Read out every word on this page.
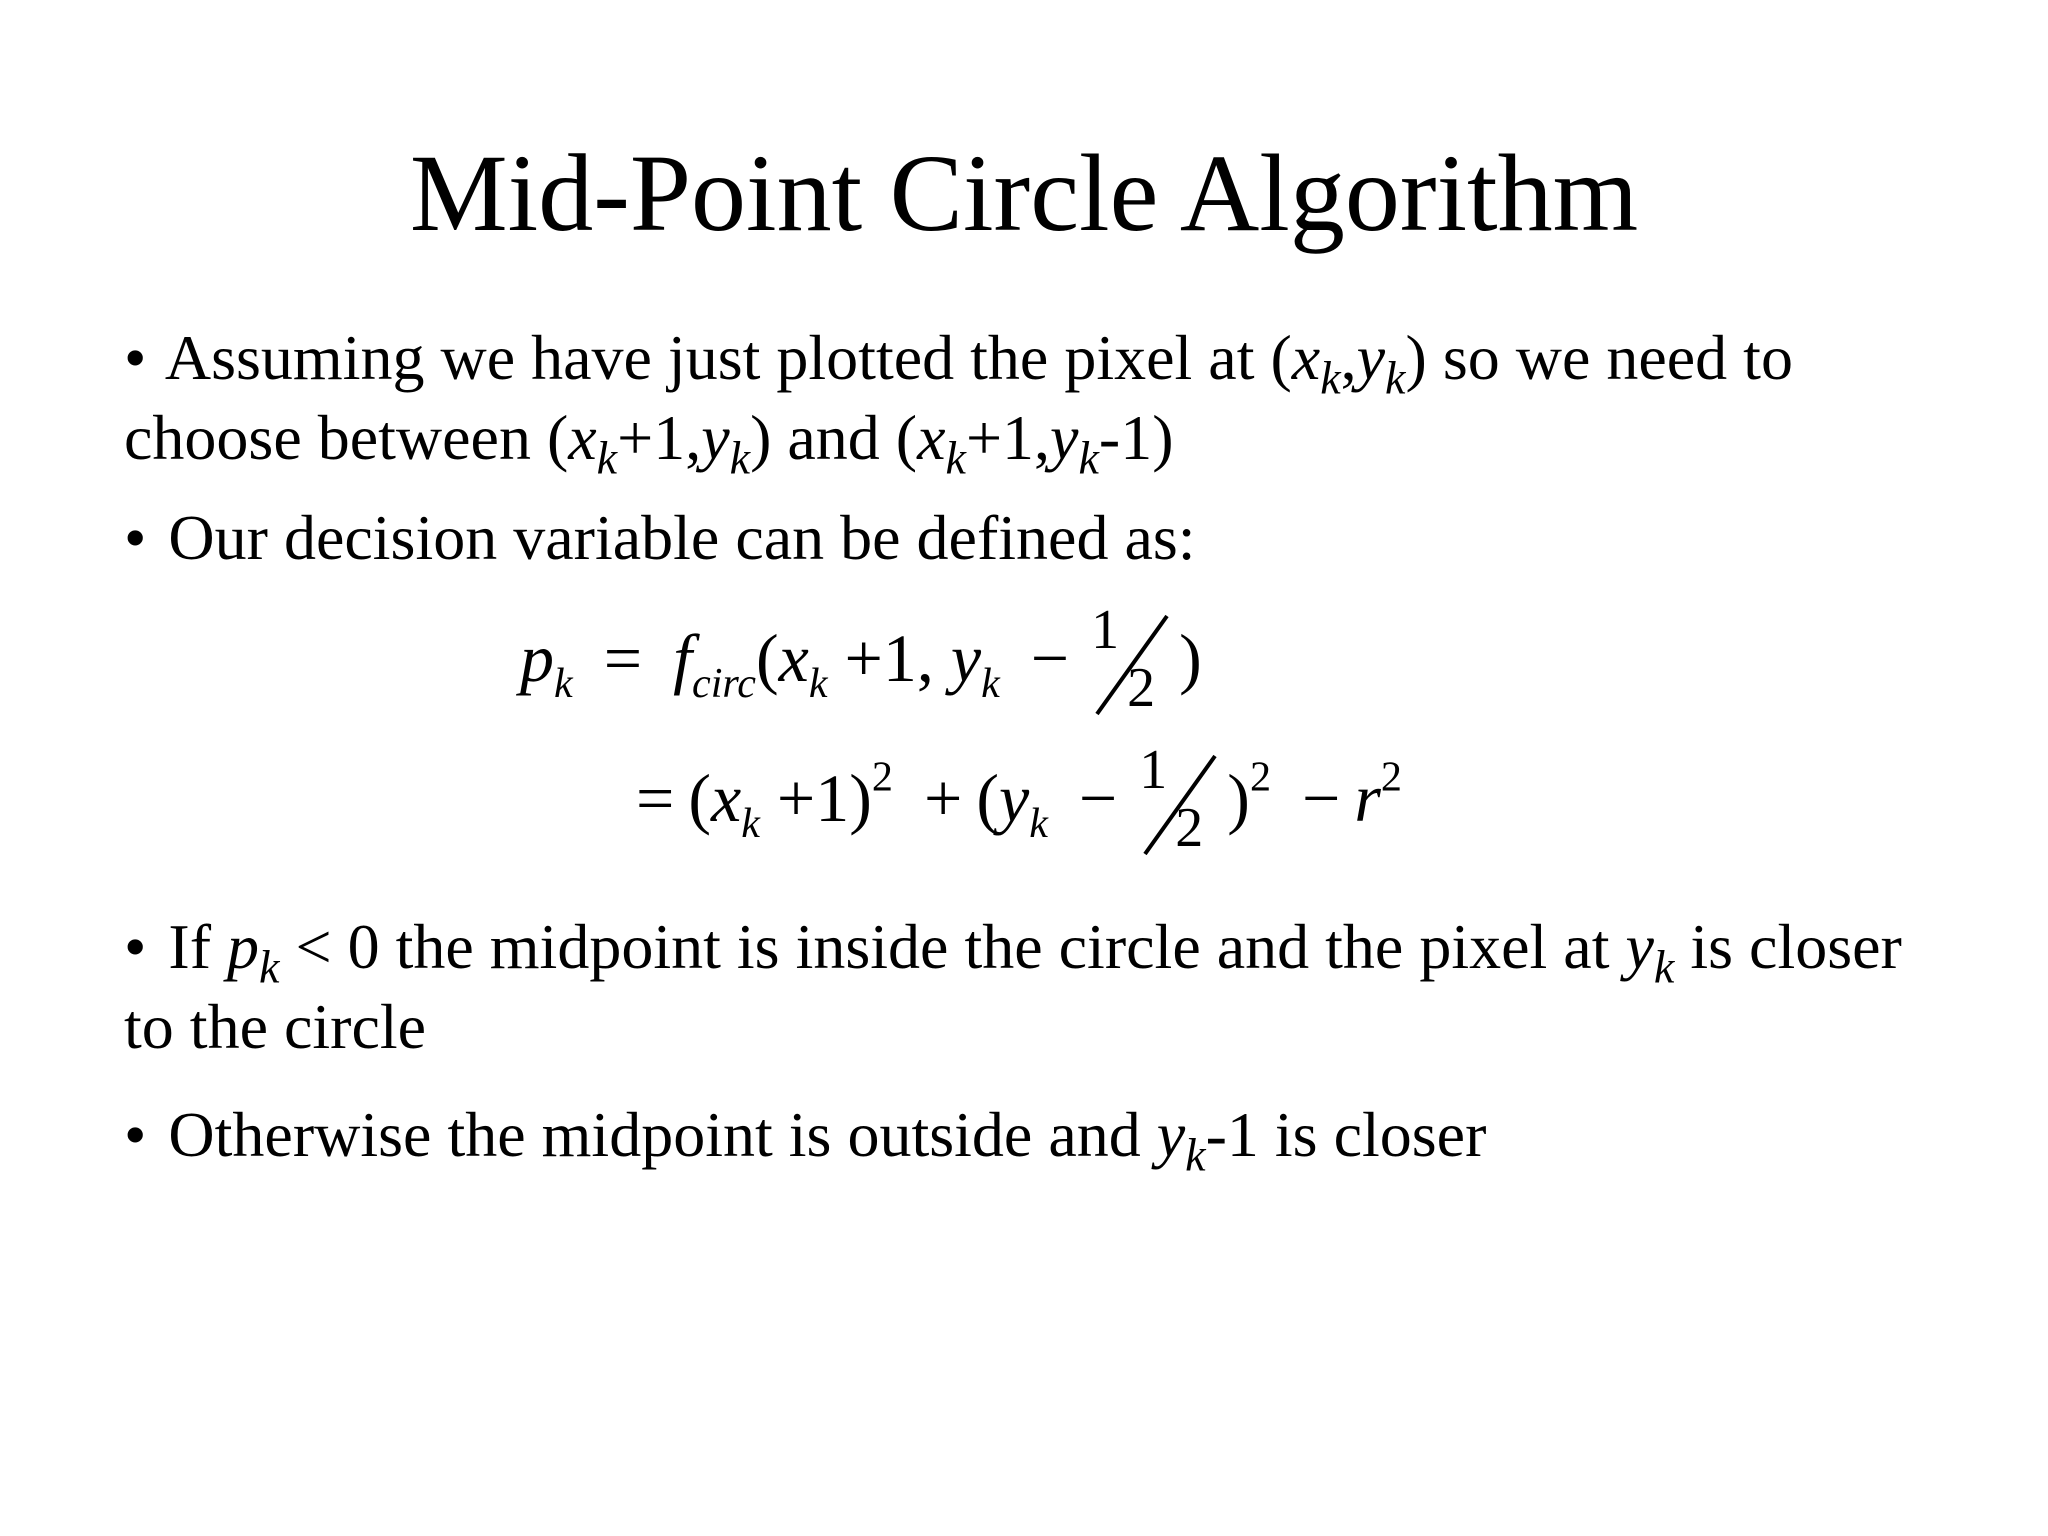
Mid-Point Circle Algorithm
• Assuming we have just plotted the pixel at $(x_k,y_k)$ so we need to choose between $(x_k+1,y_k)$ and $(x_k+1,y_k-1)$
• Our decision variable can be defined as:
$p_k = f_{circ}(x_k +1$, $y_k - 1$
2 )
= $(x_k +1)^2 + (y_k - 1$
2 )$^2 - r^2$
• If $p_k < 0$ the midpoint is inside the circle and the pixel at $y_k$ is closer to the circle
• Otherwise the midpoint is outside and $y_k-1$ is closer
